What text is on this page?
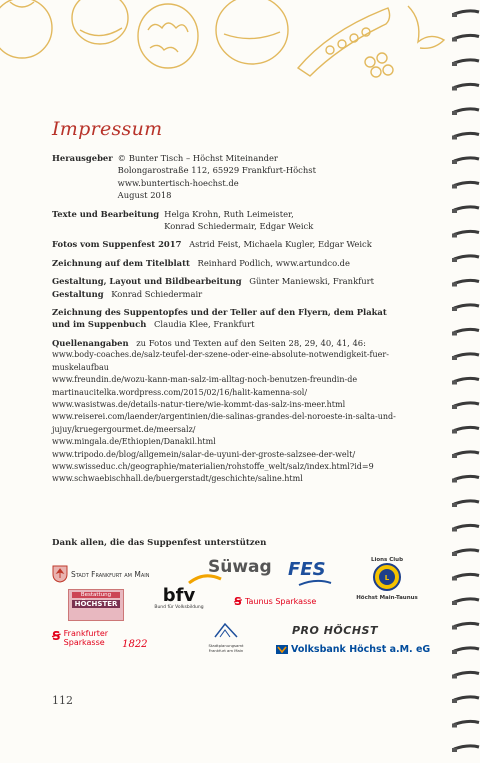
Impressum
Herausgeber © Bunter Tisch – Höchst Miteinander
Bolongarostraße 112, 65929 Frankfurt-Höchst
www.buntertisch-hoechst.de
August 2018
Texte und Bearbeitung Helga Krohn, Ruth Leimeister,
Konrad Schiedermair, Edgar Weick
Fotos vom Suppenfest 2017 Astrid Feist, Michaela Kugler, Edgar Weick
Zeichnung auf dem Titelblatt Reinhard Podlich, www.artundco.de
Gestaltung, Layout und Bildbearbeitung Günter Maniewski, Frankfurt
Gestaltung Konrad Schiedermair
Zeichnung des Suppentopfes und der Teller auf den Flyern, dem Plakat
und im Suppenbuch Claudia Klee, Frankfurt
Quellenangaben zu Fotos und Texten auf den Seiten 28, 29, 40, 41, 46:
www.body-coaches.de/salz-teufel-der-szene-oder-eine-absolute-notwendigkeit-fuer-
muskelaufbau
www.freundin.de/wozu-kann-man-salz-im-alltag-noch-benutzen-freundin-de
martinaucitelka.wordpress.com/2015/02/16/halit-kamenna-sol/
www.wasistwas.de/details-natur-tiere/wie-kommt-das-salz-ins-meer.html
www.reiserei.com/laender/argentinien/die-salinas-grandes-del-noroeste-in-salta-und-
jujuy/kruegergourmet.de/meersalz/
www.mingala.de/Ethiopien/Danakil.html
www.tripodo.de/blog/allgemein/salar-de-uyuni-der-groste-salzsee-der-welt/
www.swisseduc.ch/geographie/materialien/rohstoffe_welt/salz/index.html?id=9
www.schwaebischhall.de/buergerstadt/geschichte/saline.html
Dank allen, die das Suppenfest unterstützen
Stadt Frankfurt am Main	Süwag FES	Lions Club
L
Höchst Main-Taunus
Bestattung
HÖCHSTER	bfv
Bund für Volksbildung	Ꞩ Taunus Sparkasse
PRO HÖCHST
Ꞩ Frankfurter
Sparkasse	1822	Stadtplanungsamt
Frankfurt am Main	Volksbank Höchst a.M. eG
112
